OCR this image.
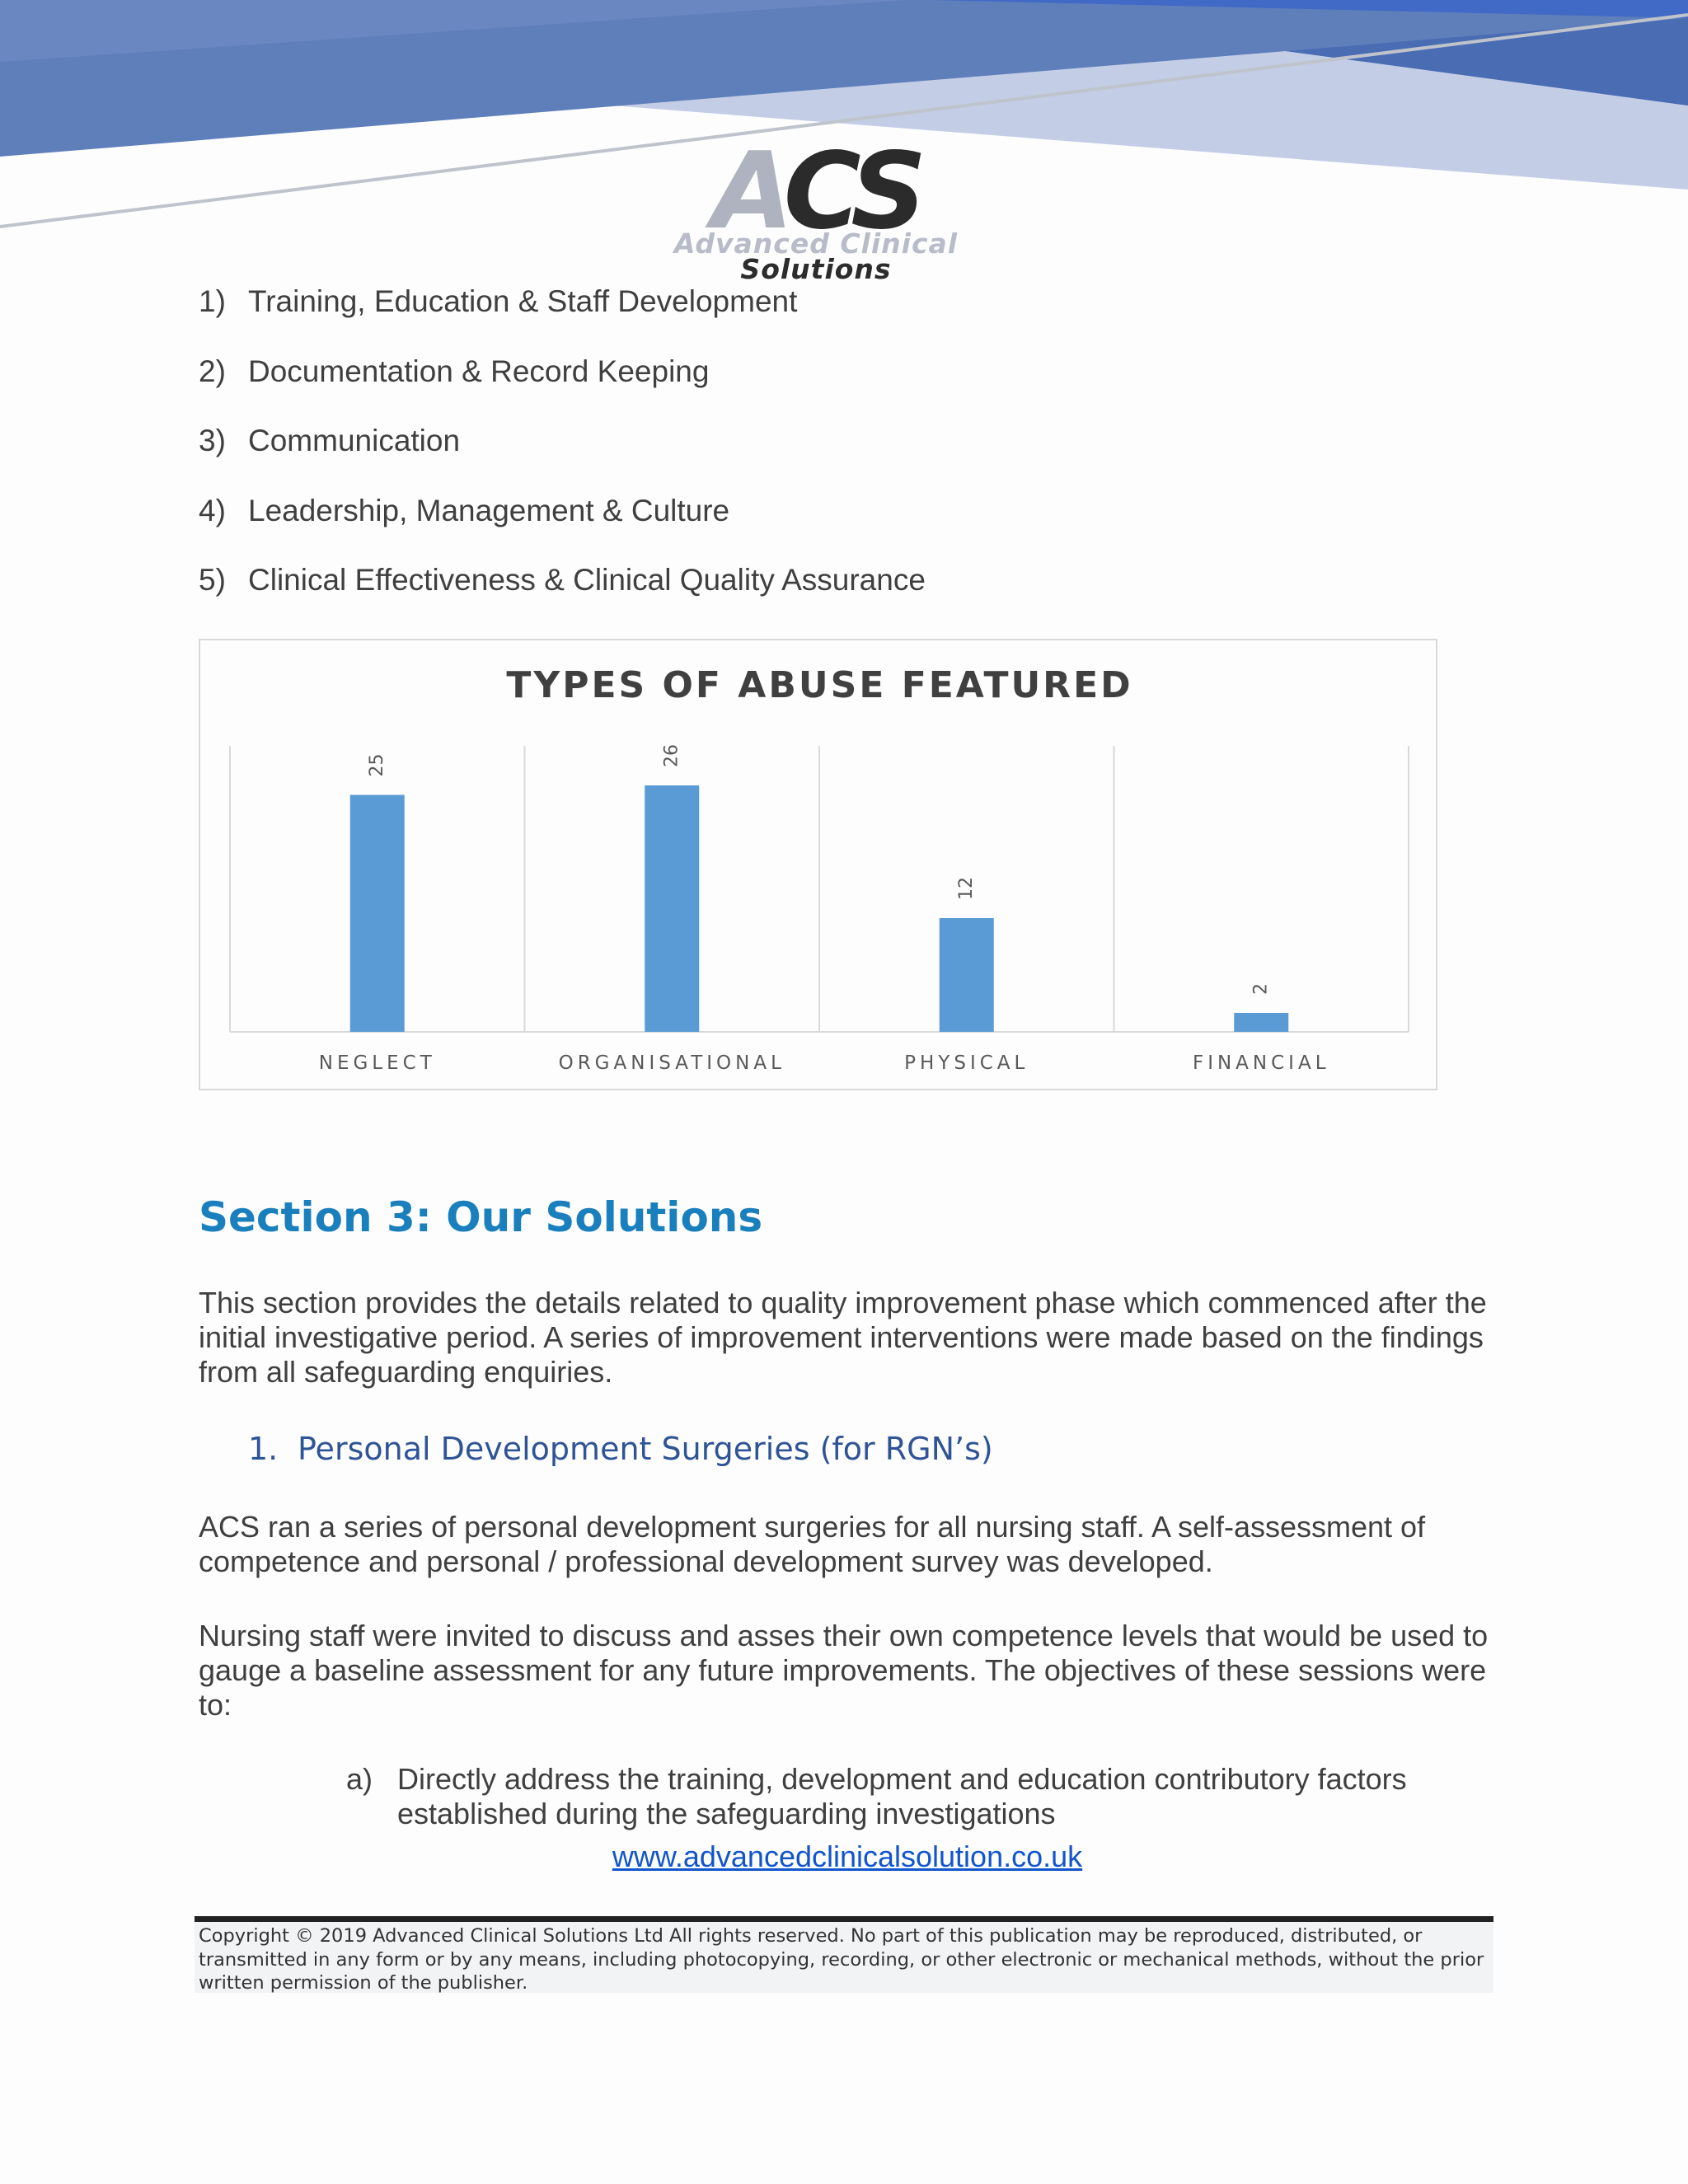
ACS
Advanced Clinical
Solutions
1) Training, Education & Staff Development
2) Documentation & Record Keeping
3) Communication
4) Leadership, Management & Culture
5) Clinical Effectiveness & Clinical Quality Assurance
TYPES OF ABUSE FEATURED
25
NEGLECT
26
ORGANISATIONAL
12
PHYSICAL
2
FINANCIAL
Section 3: Our Solutions

This section provides the details related to quality improvement phase which commenced after the initial investigative period. A series of improvement interventions were made based on the findings from all safeguarding enquiries.

1. Personal Development Surgeries (for RGN’s)

ACS ran a series of personal development surgeries for all nursing staff. A self-assessment of competence and personal / professional development survey was developed.

Nursing staff were invited to discuss and asses their own competence levels that would be used to gauge a baseline assessment for any future improvements. The objectives of these sessions were to:

a) Directly address the training, development and education contributory factors established during the safeguarding investigations
www.advancedclinicalsolution.co.uk

Copyright © 2019 Advanced Clinical Solutions Ltd All rights reserved. No part of this publication may be reproduced, distributed, or transmitted in any form or by any means, including photocopying, recording, or other electronic or mechanical methods, without the prior written permission of the publisher.
